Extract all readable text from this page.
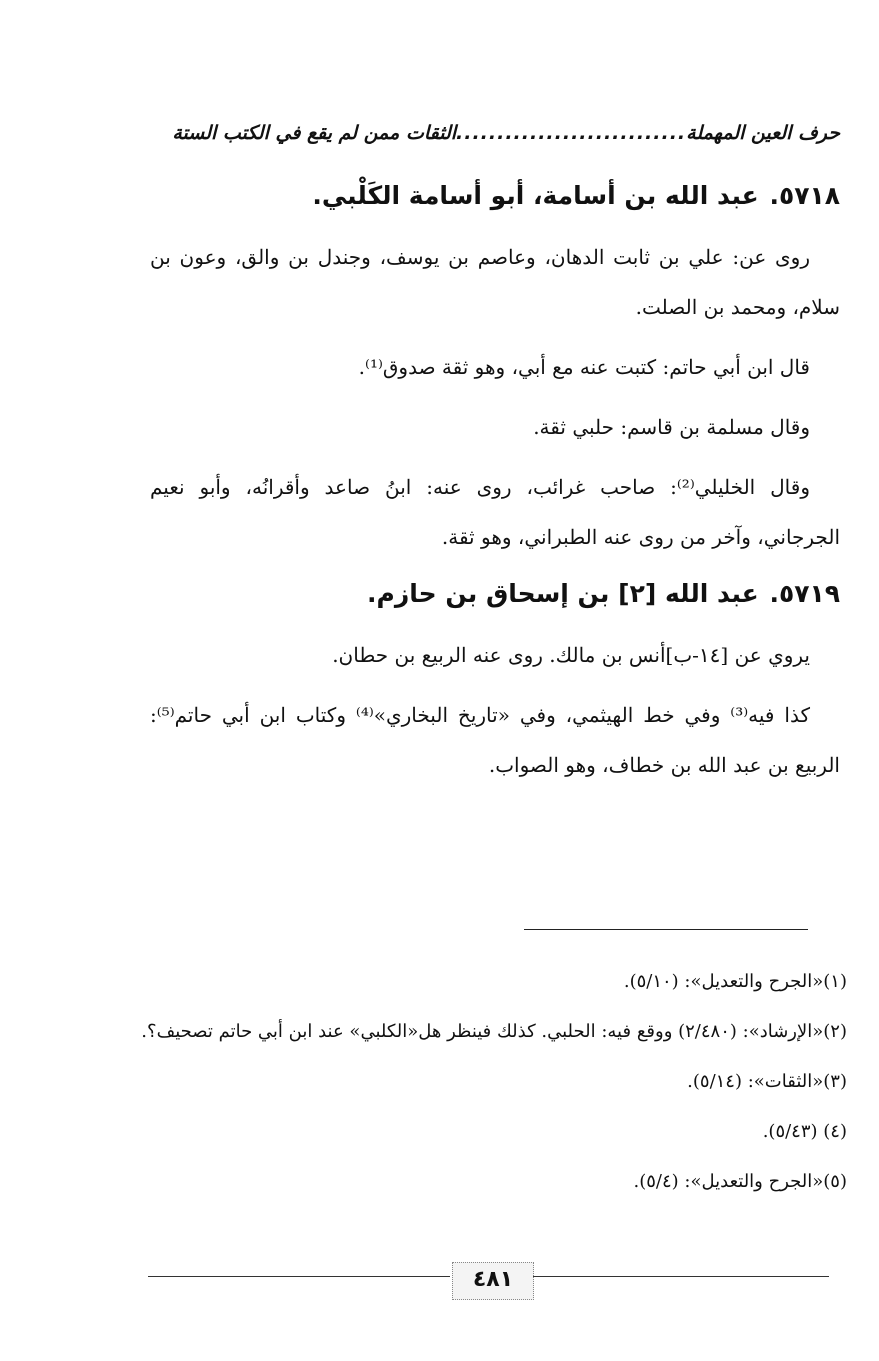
حرف العين المهملة
............................
الثقات ممن لم يقع في الكتب الستة
٥٧١٨. عبد الله بن أسامة، أبو أسامة الكَلْبي.

روى عن: علي بن ثابت الدهان، وعاصم بن يوسف، وجندل بن والق، وعون بن سلام، ومحمد بن الصلت.

قال ابن أبي حاتم: كتبت عنه مع أبي، وهو ثقة صدوق⁽¹⁾.

وقال مسلمة بن قاسم: حلبي ثقة.

وقال الخليلي⁽²⁾: صاحب غرائب، روى عنه: ابنُ صاعد وأقرانُه، وأبو نعيم الجرجاني، وآخر من روى عنه الطبراني، وهو ثقة.

٥٧١٩. عبد الله [٢] بن إسحاق بن حازم.

يروي عن [١٤-ب]أنس بن مالك. روى عنه الربيع بن حطان.

كذا فيه⁽³⁾ وفي خط الهيثمي، وفي «تاريخ البخاري»⁽⁴⁾ وكتاب ابن أبي حاتم⁽⁵⁾: الربيع بن عبد الله بن خطاف، وهو الصواب.

(١)«الجرح والتعديل»: (٥/١٠).
(٢)«الإرشاد»: (٢/٤٨٠) ووقع فيه: الحلبي. كذلك فينظر هل«الكلبي» عند ابن أبي حاتم تصحيف؟.
(٣)«الثقات»: (٥/١٤).
(٤) (٥/٤٣).
(٥)«الجرح والتعديل»: (٥/٤).
٤٨١
